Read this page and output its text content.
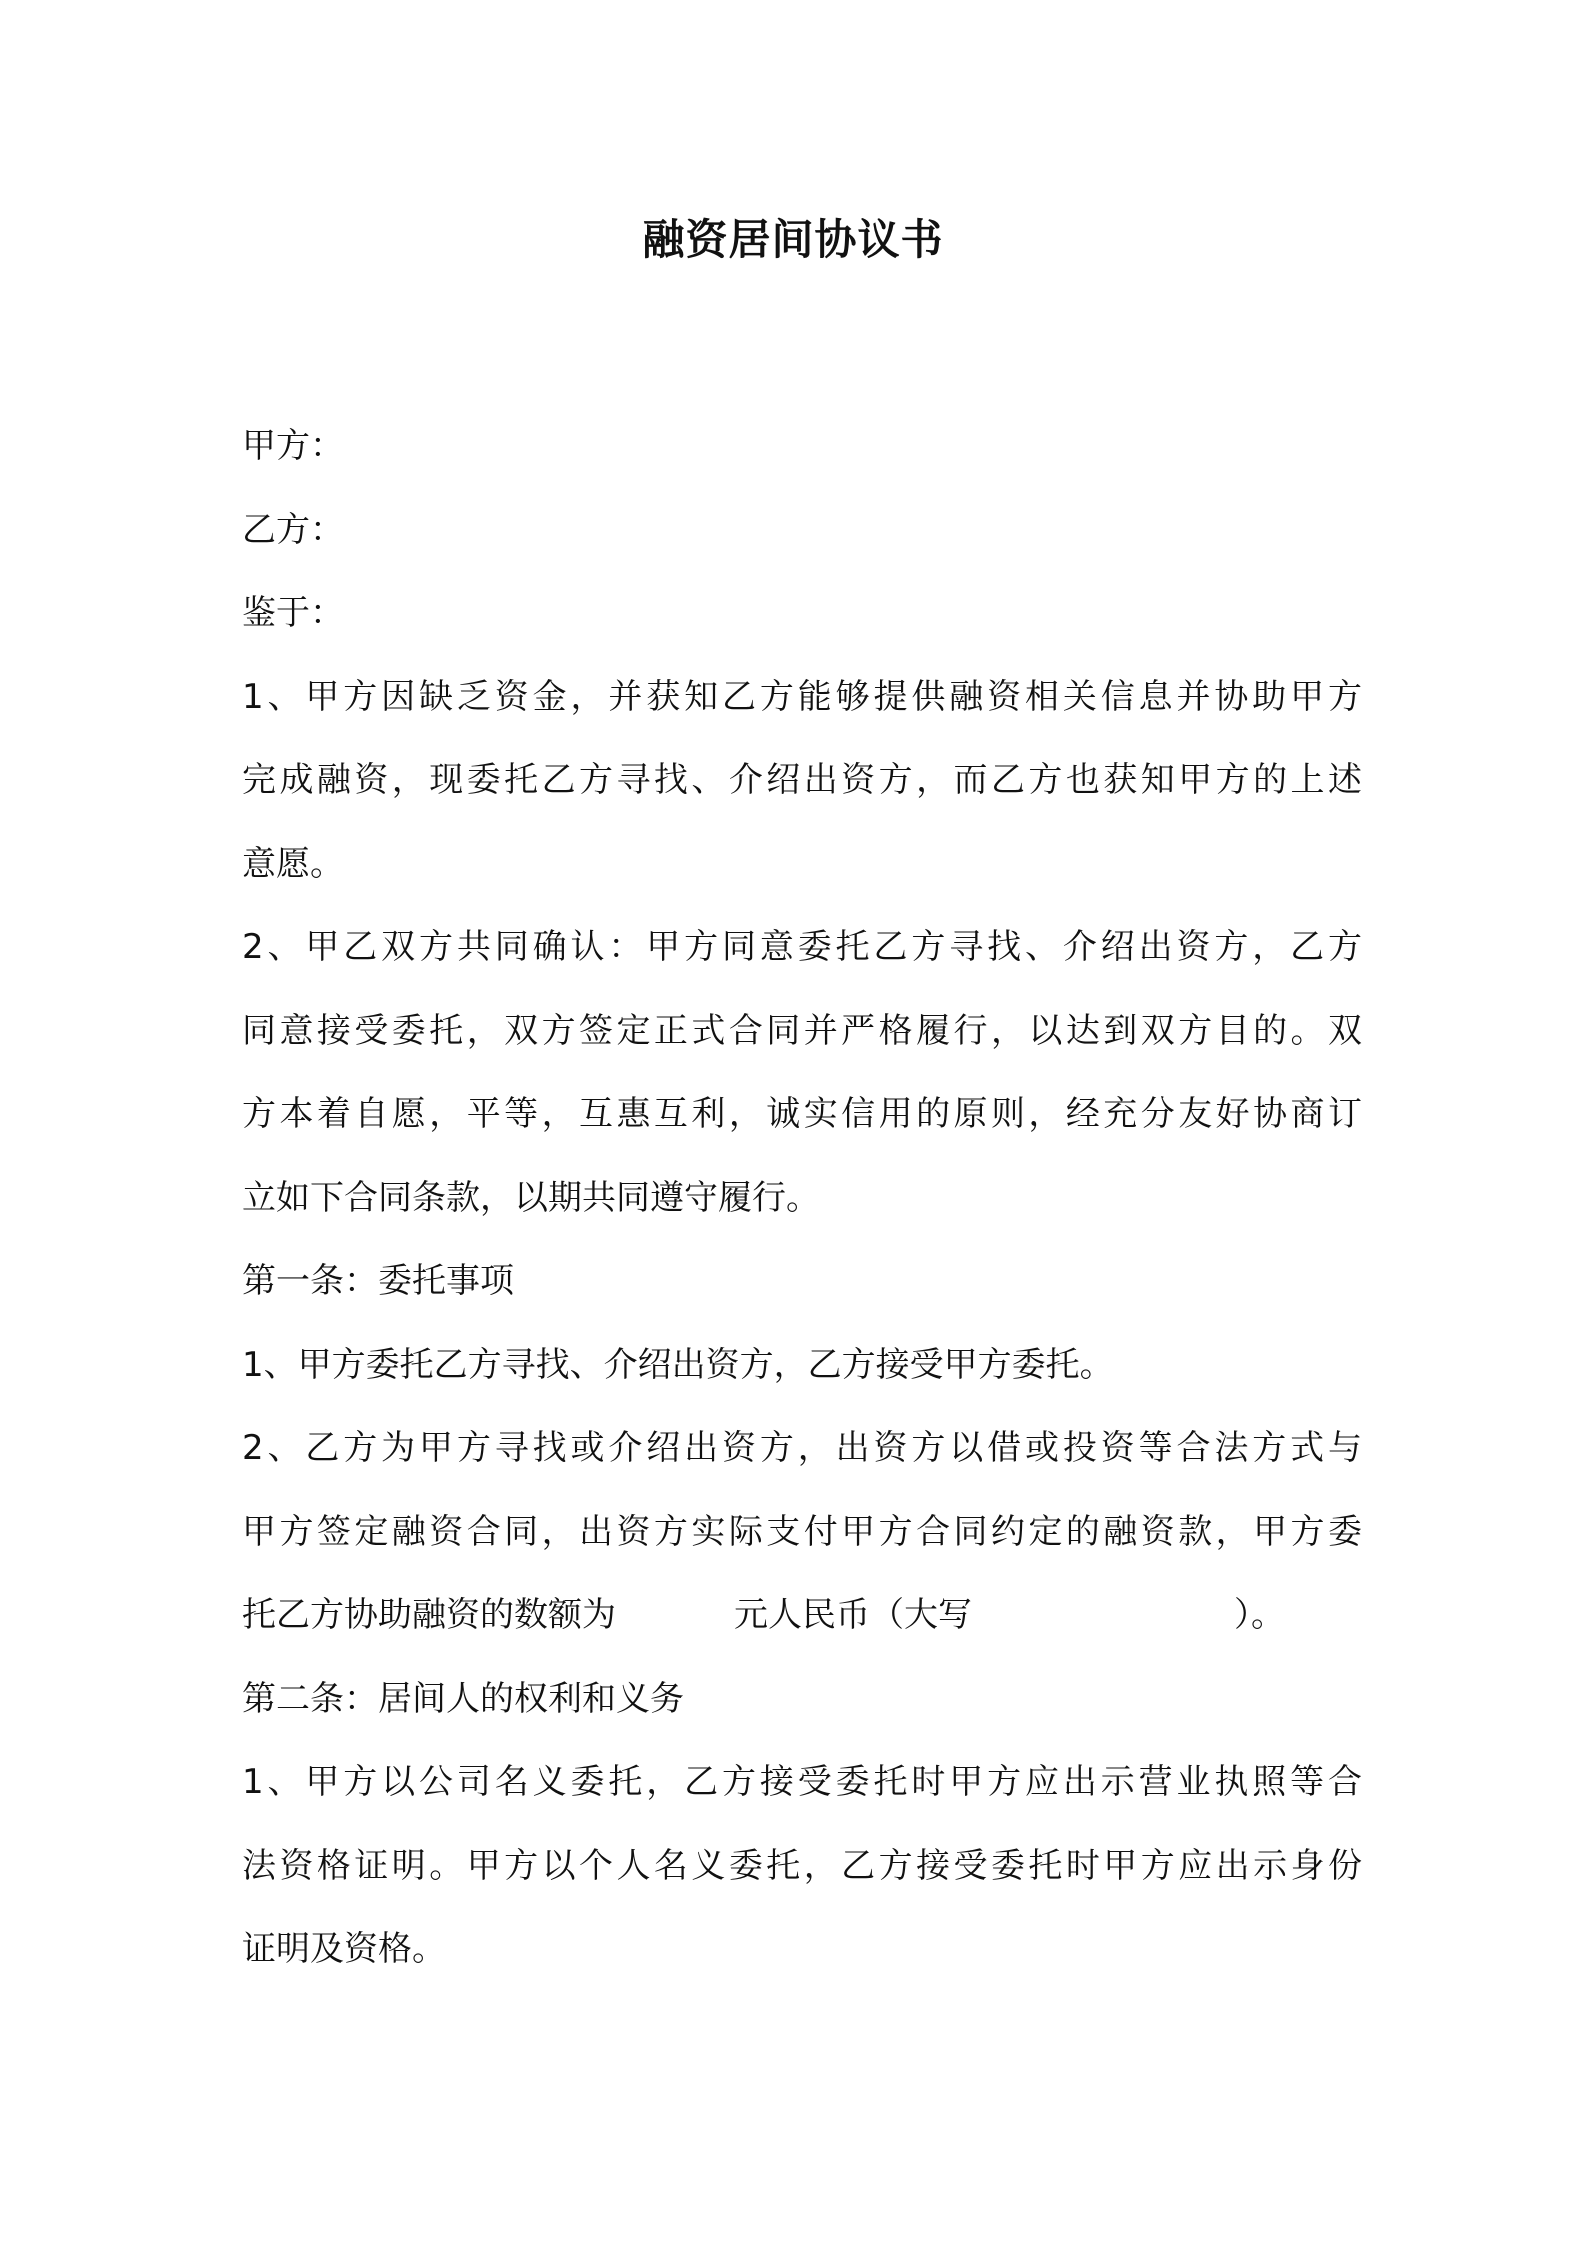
融资居间协议书
甲方：
乙方：
鉴于：
1、甲方因缺乏资金，并获知乙方能够提供融资相关信息并协助甲方
完成融资，现委托乙方寻找、介绍出资方，而乙方也获知甲方的上述
意愿。
2、甲乙双方共同确认：甲方同意委托乙方寻找、介绍出资方，乙方
同意接受委托，双方签定正式合同并严格履行，以达到双方目的。双
方本着自愿，平等，互惠互利，诚实信用的原则，经充分友好协商订
立如下合同条款，以期共同遵守履行。
第一条：委托事项
1、甲方委托乙方寻找、介绍出资方，乙方接受甲方委托。
2、乙方为甲方寻找或介绍出资方，出资方以借或投资等合法方式与
甲方签定融资合同，出资方实际支付甲方合同约定的融资款，甲方委
托乙方协助融资的数额为	元人民币（大写	）。
第二条：居间人的权利和义务
1、甲方以公司名义委托，乙方接受委托时甲方应出示营业执照等合
法资格证明。甲方以个人名义委托，乙方接受委托时甲方应出示身份
证明及资格。
